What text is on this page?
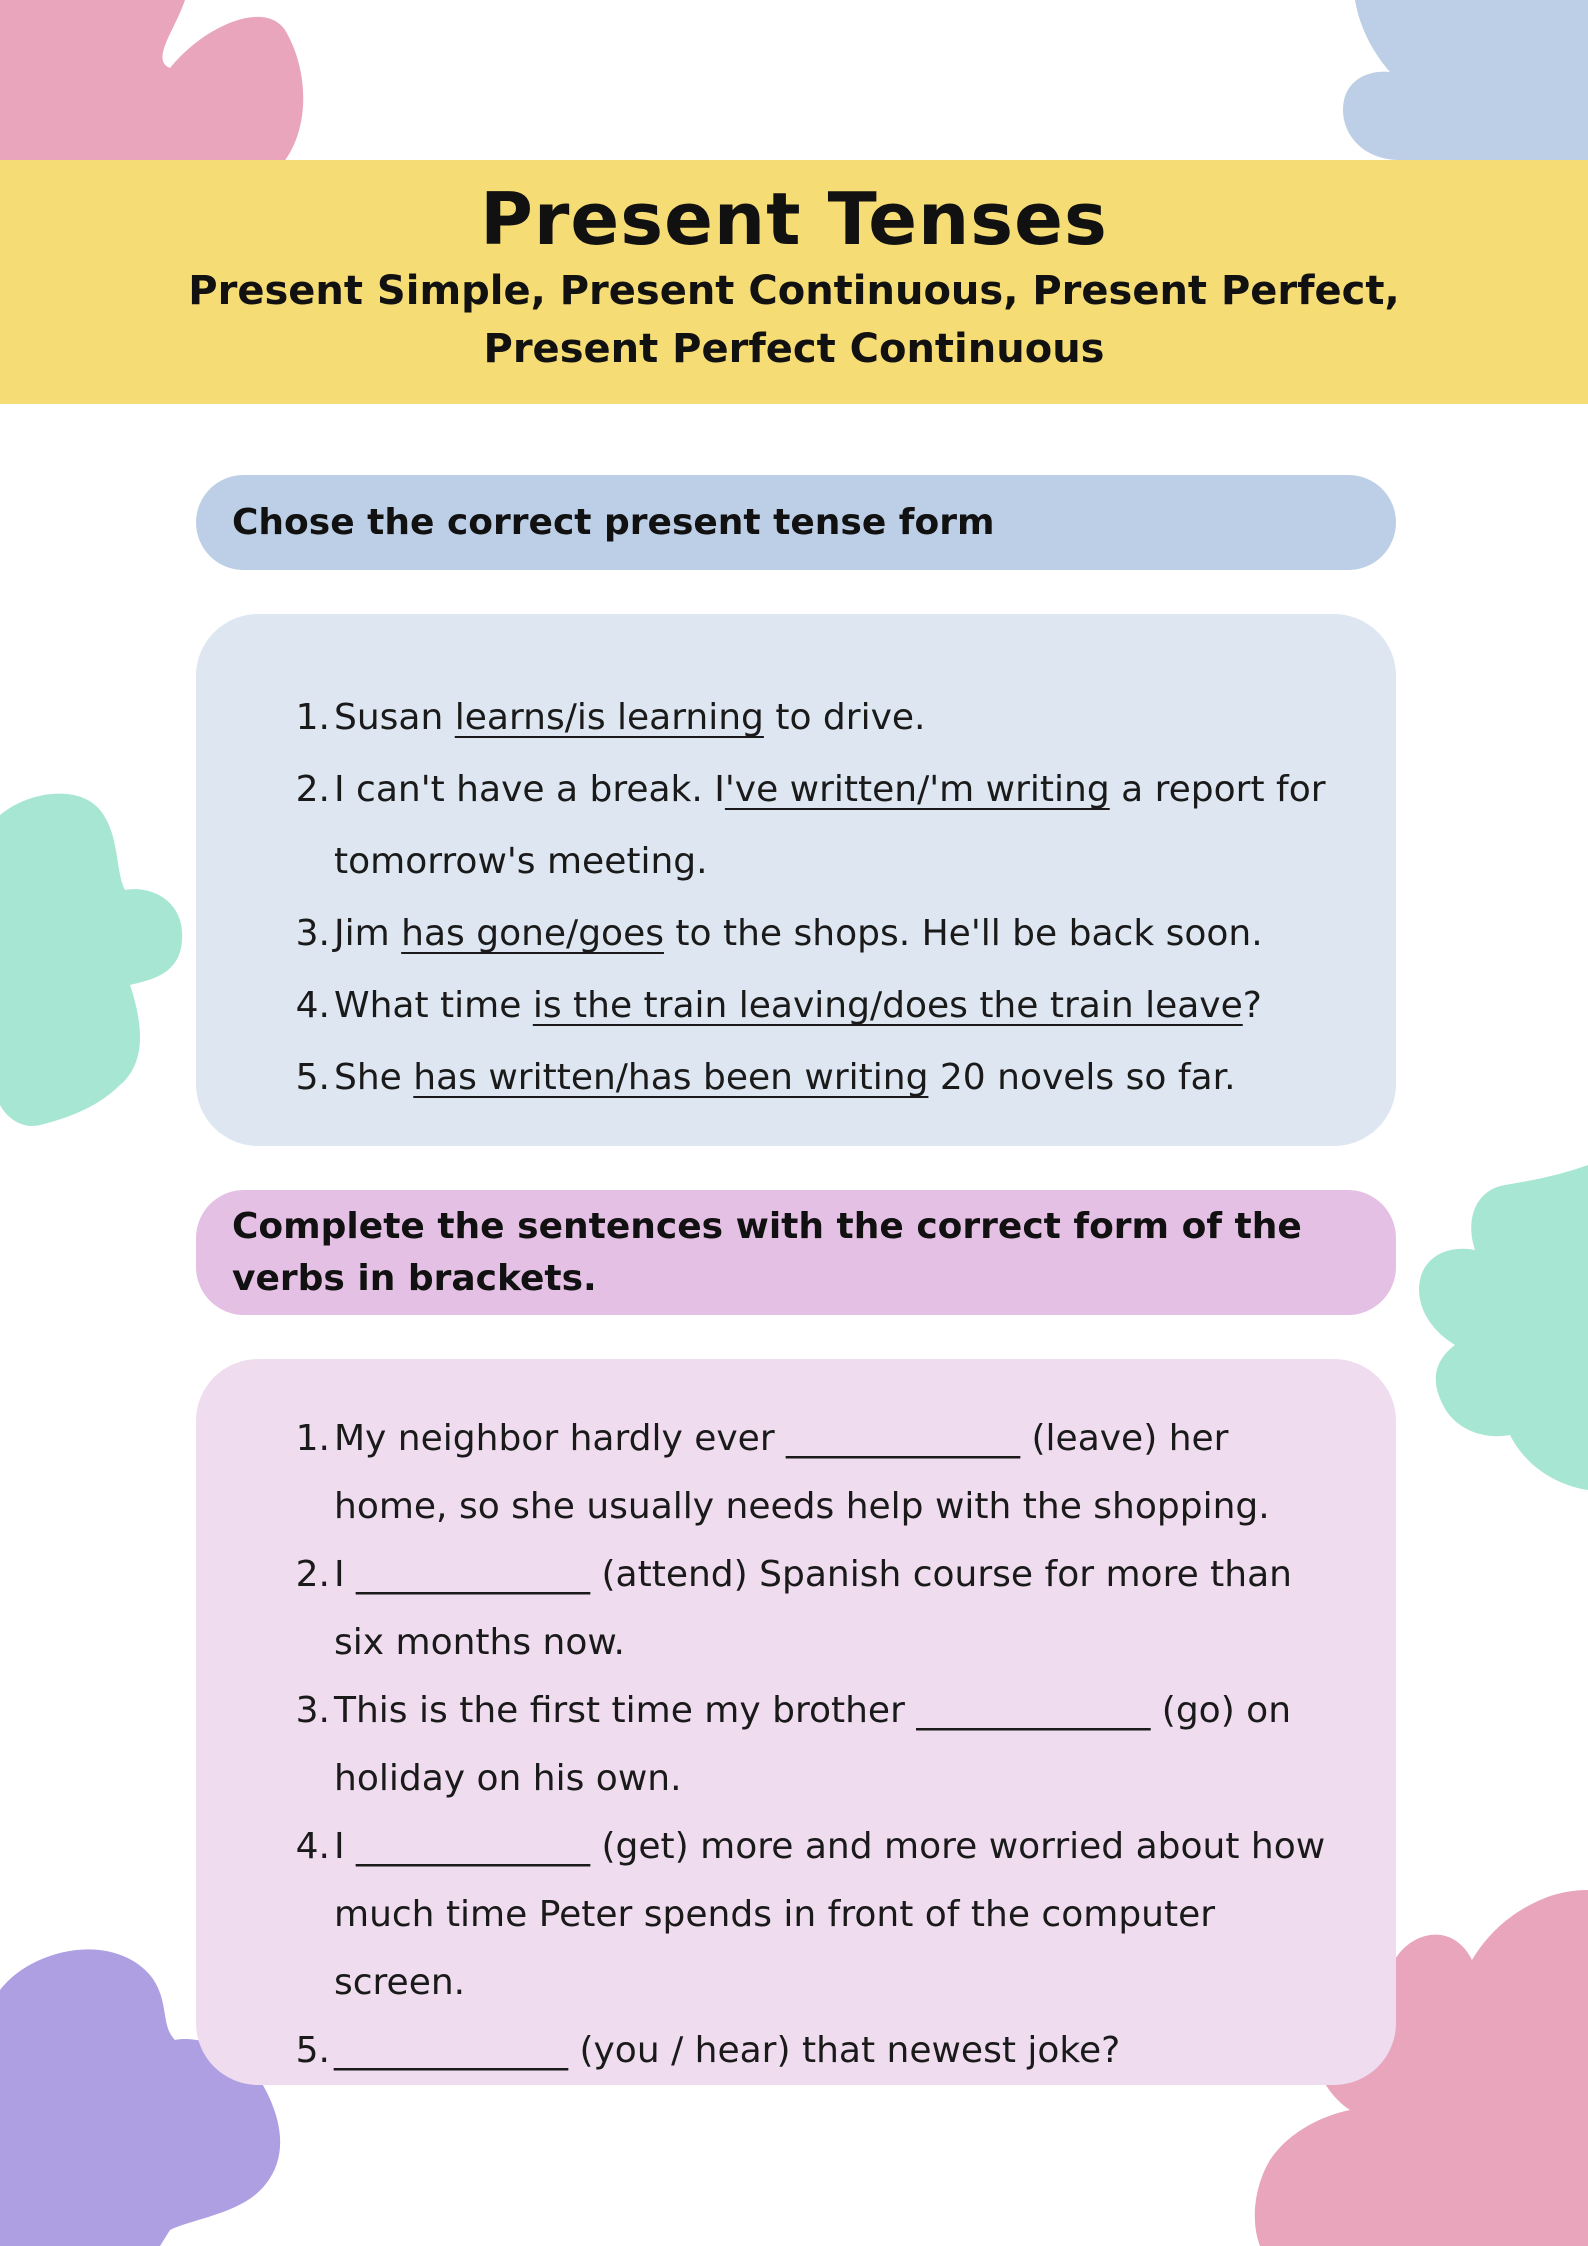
Present Tenses
Present Simple, Present Continuous, Present Perfect, Present Perfect Continuous
Chose the correct present tense form
1. Susan learns/is learning to drive.
2. I can't have a break. I've written/'m writing a report for tomorrow's meeting.
3. Jim has gone/goes to the shops. He'll be back soon.
4. What time is the train leaving/does the train leave?
5. She has written/has been writing 20 novels so far.
Complete the sentences with the correct form of the verbs in brackets.
1. My neighbor hardly ever _____________ (leave) her home, so she usually needs help with the shopping.
2. I _____________ (attend) Spanish course for more than six months now.
3. This is the first time my brother _____________ (go) on holiday on his own.
4. I _____________ (get) more and more worried about how much time Peter spends in front of the computer screen.
5. _____________ (you / hear) that newest joke?
